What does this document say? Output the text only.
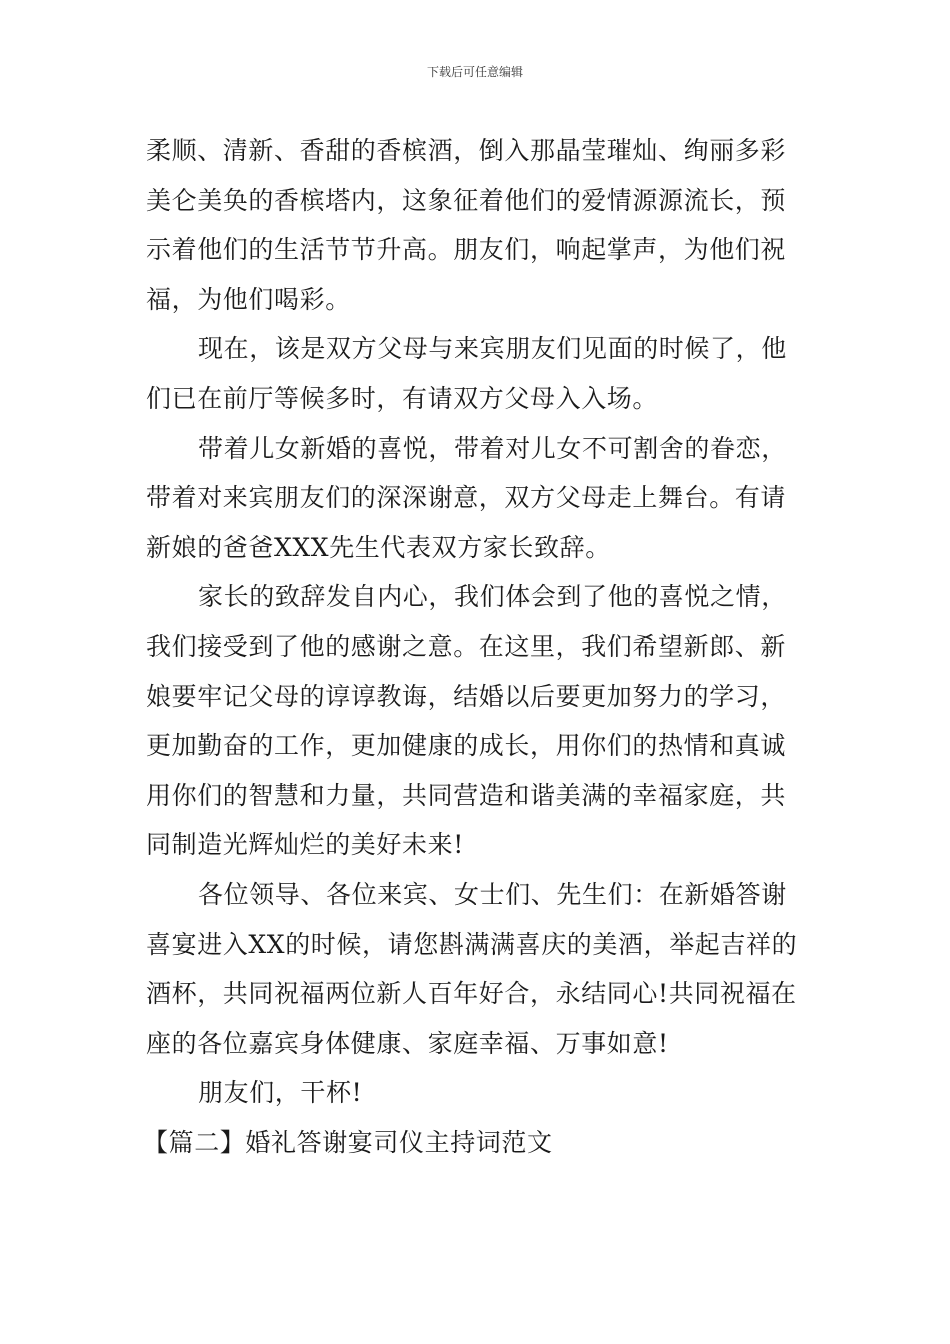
下载后可任意编辑
柔顺、清新、香甜的香槟酒，倒入那晶莹璀灿、绚丽多彩
美仑美奂的香槟塔内，这象征着他们的爱情源源流长，预
示着他们的生活节节升高。朋友们，响起掌声，为他们祝
福，为他们喝彩。
现在，该是双方父母与来宾朋友们见面的时候了，他
们已在前厅等候多时，有请双方父母入入场。
带着儿女新婚的喜悦，带着对儿女不可割舍的眷恋，
带着对来宾朋友们的深深谢意，双方父母走上舞台。有请
新娘的爸爸XXX先生代表双方家长致辞。
家长的致辞发自内心，我们体会到了他的喜悦之情，
我们接受到了他的感谢之意。在这里，我们希望新郎、新
娘要牢记父母的谆谆教诲，结婚以后要更加努力的学习，
更加勤奋的工作，更加健康的成长，用你们的热情和真诚
用你们的智慧和力量，共同营造和谐美满的幸福家庭，共
同制造光辉灿烂的美好未来!
各位领导、各位来宾、女士们、先生们：在新婚答谢
喜宴进入XX的时候，请您斟满满喜庆的美酒，举起吉祥的
酒杯，共同祝福两位新人百年好合，永结同心!共同祝福在
座的各位嘉宾身体健康、家庭幸福、万事如意!
朋友们，干杯!
【篇二】婚礼答谢宴司仪主持词范文
